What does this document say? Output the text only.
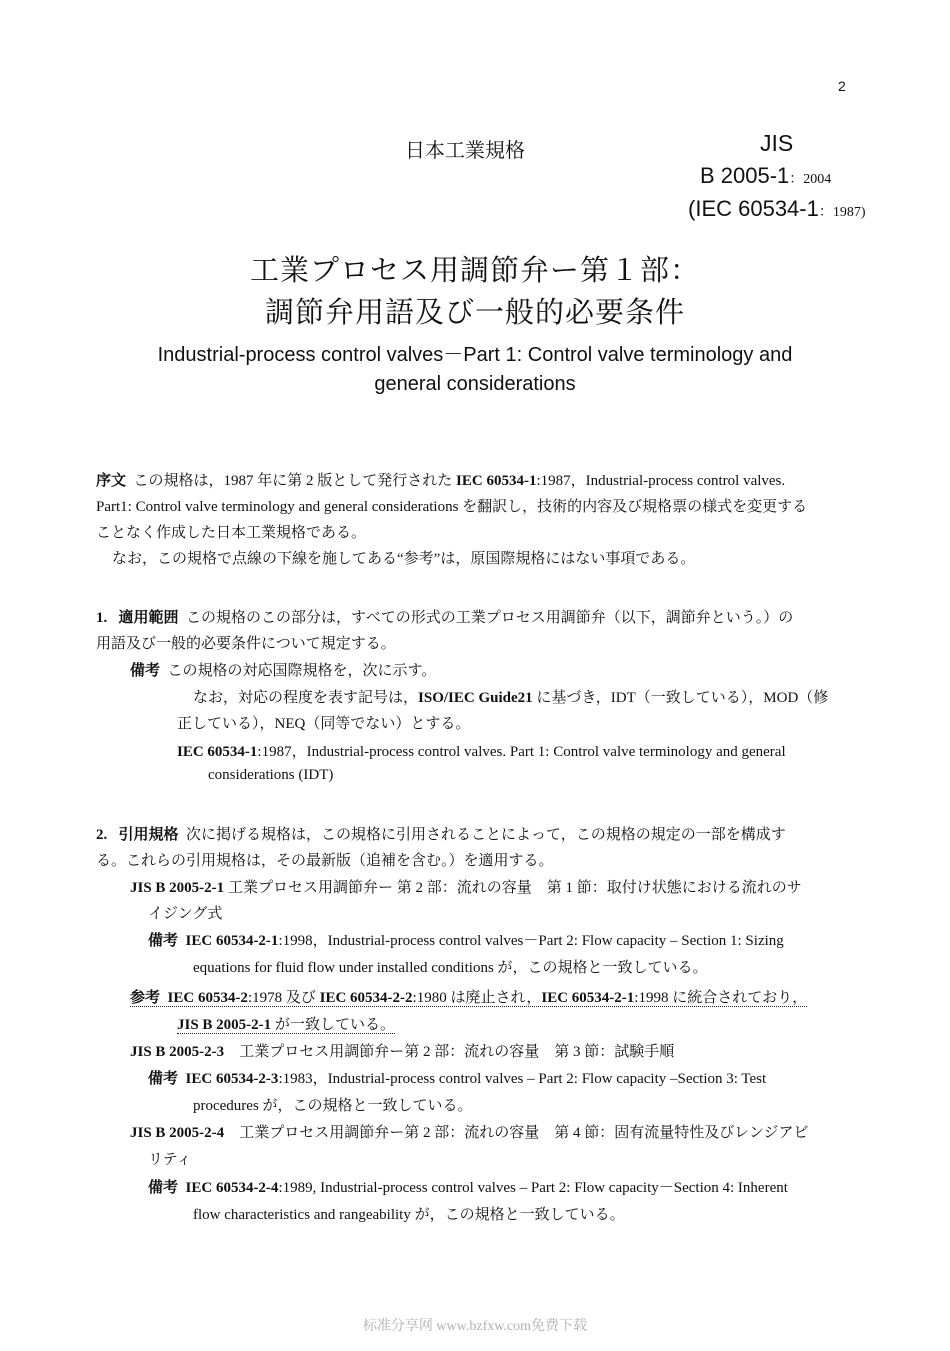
2
日本工業規格	JIS
B 2005-1：2004
(IEC 60534-1：1987)
工業プロセス用調節弁ー第１部：
調節弁用語及び一般的必要条件
Industrial-process control valves－Part 1: Control valve terminology and
general considerations
序文 この規格は，1987 年に第 2 版として発行された IEC 60534-1:1987，Industrial-process control valves.
Part1: Control valve terminology and general considerations を翻訳し，技術的内容及び規格票の様式を変更する
ことなく作成した日本工業規格である。
なお，この規格で点線の下線を施してある“参考”は，原国際規格にはない事項である。
1. 適用範囲 この規格のこの部分は，すべての形式の工業プロセス用調節弁（以下，調節弁という。）の
用語及び一般的必要条件について規定する。
備考 この規格の対応国際規格を，次に示す。
なお，対応の程度を表す記号は，ISO/IEC Guide21 に基づき，IDT（一致している），MOD（修
正している），NEQ（同等でない）とする。
IEC 60534-1:1987，Industrial-process control valves. Part 1: Control valve terminology and general
considerations (IDT)
2. 引用規格 次に掲げる規格は，この規格に引用されることによって，この規格の規定の一部を構成す
る。これらの引用規格は，その最新版（追補を含む。）を適用する。
JIS B 2005-2-1 工業プロセス用調節弁ー 第 2 部：流れの容量　第 1 節：取付け状態における流れのサ
イジング式
備考 IEC 60534-2-1:1998，Industrial-process control valves－Part 2: Flow capacity – Section 1: Sizing
equations for fluid flow under installed conditions が，この規格と一致している。
参考 IEC 60534-2:1978 及び IEC 60534-2-2:1980 は廃止され，IEC 60534-2-1:1998 に統合されており，
JIS B 2005-2-1 が一致している。
JIS B 2005-2-3　工業プロセス用調節弁ー第 2 部：流れの容量　第 3 節：試験手順
備考 IEC 60534-2-3:1983，Industrial-process control valves – Part 2: Flow capacity –Section 3: Test
procedures が，この規格と一致している。
JIS B 2005-2-4　工業プロセス用調節弁ー第 2 部：流れの容量　第 4 節：固有流量特性及びレンジアビ
リティ
備考 IEC 60534-2-4:1989, Industrial-process control valves – Part 2: Flow capacity－Section 4: Inherent
flow characteristics and rangeability が，この規格と一致している。
标准分享网 www.bzfxw.com免费下载
